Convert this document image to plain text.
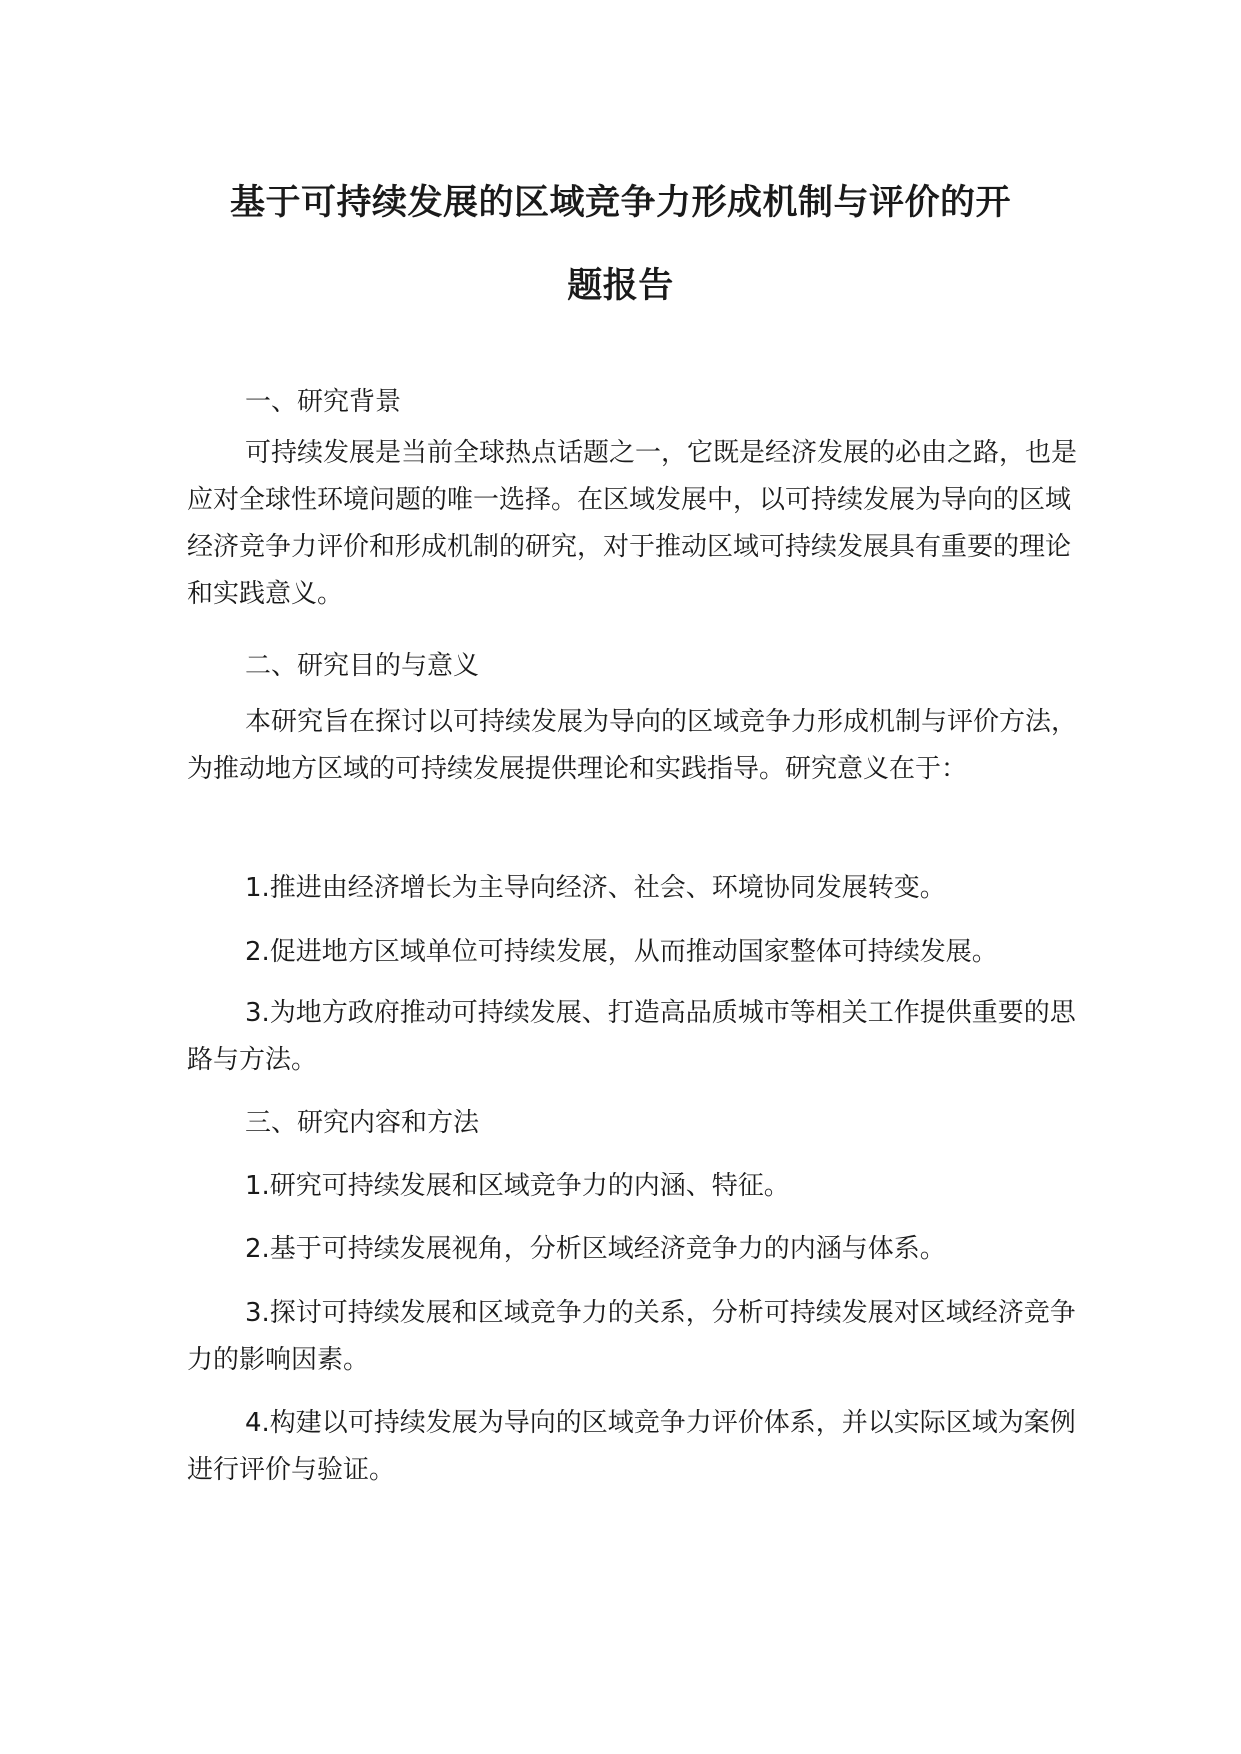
基于可持续发展的区域竞争力形成机制与评价的开
题报告
一、研究背景
可持续发展是当前全球热点话题之一，它既是经济发展的必由之路，也是应对全球性环境问题的唯一选择。在区域发展中，以可持续发展为导向的区域经济竞争力评价和形成机制的研究，对于推动区域可持续发展具有重要的理论和实践意义。
二、研究目的与意义
本研究旨在探讨以可持续发展为导向的区域竞争力形成机制与评价方法，为推动地方区域的可持续发展提供理论和实践指导。研究意义在于：
1.推进由经济增长为主导向经济、社会、环境协同发展转变。
2.促进地方区域单位可持续发展，从而推动国家整体可持续发展。
3.为地方政府推动可持续发展、打造高品质城市等相关工作提供重要的思路与方法。
三、研究内容和方法
1.研究可持续发展和区域竞争力的内涵、特征。
2.基于可持续发展视角，分析区域经济竞争力的内涵与体系。
3.探讨可持续发展和区域竞争力的关系，分析可持续发展对区域经济竞争力的影响因素。
4.构建以可持续发展为导向的区域竞争力评价体系，并以实际区域为案例进行评价与验证。
